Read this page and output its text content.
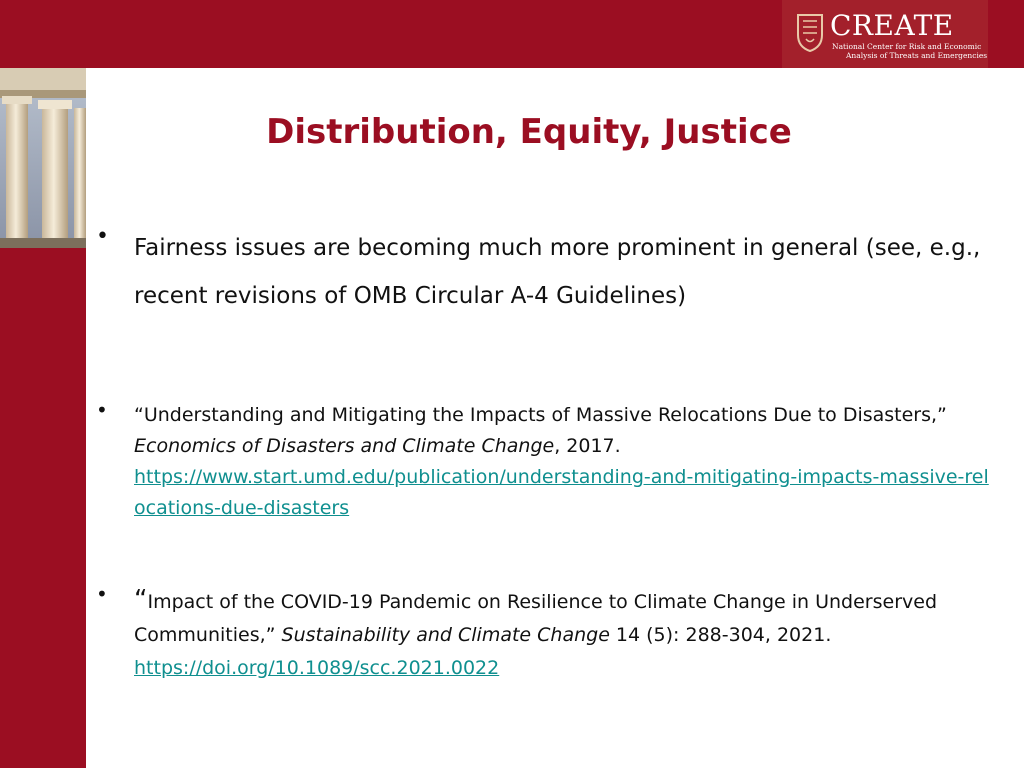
CREATE
National Center for Risk and Economic
Analysis of Threats and Emergencies
Distribution, Equity, Justice
• Fairness issues are becoming much more prominent in general (see, e.g., recent revisions of OMB Circular A-4 Guidelines)
• “Understanding and Mitigating the Impacts of Massive Relocations Due to Disasters,” Economics of Disasters and Climate Change, 2017. https://www.start.umd.edu/publication/understanding-and-mitigating-impacts-massive-relocations-due-disasters
• “Impact of the COVID-19 Pandemic on Resilience to Climate Change in Underserved Communities,” Sustainability and Climate Change 14 (5): 288-304, 2021. https://doi.org/10.1089/scc.2021.0022
